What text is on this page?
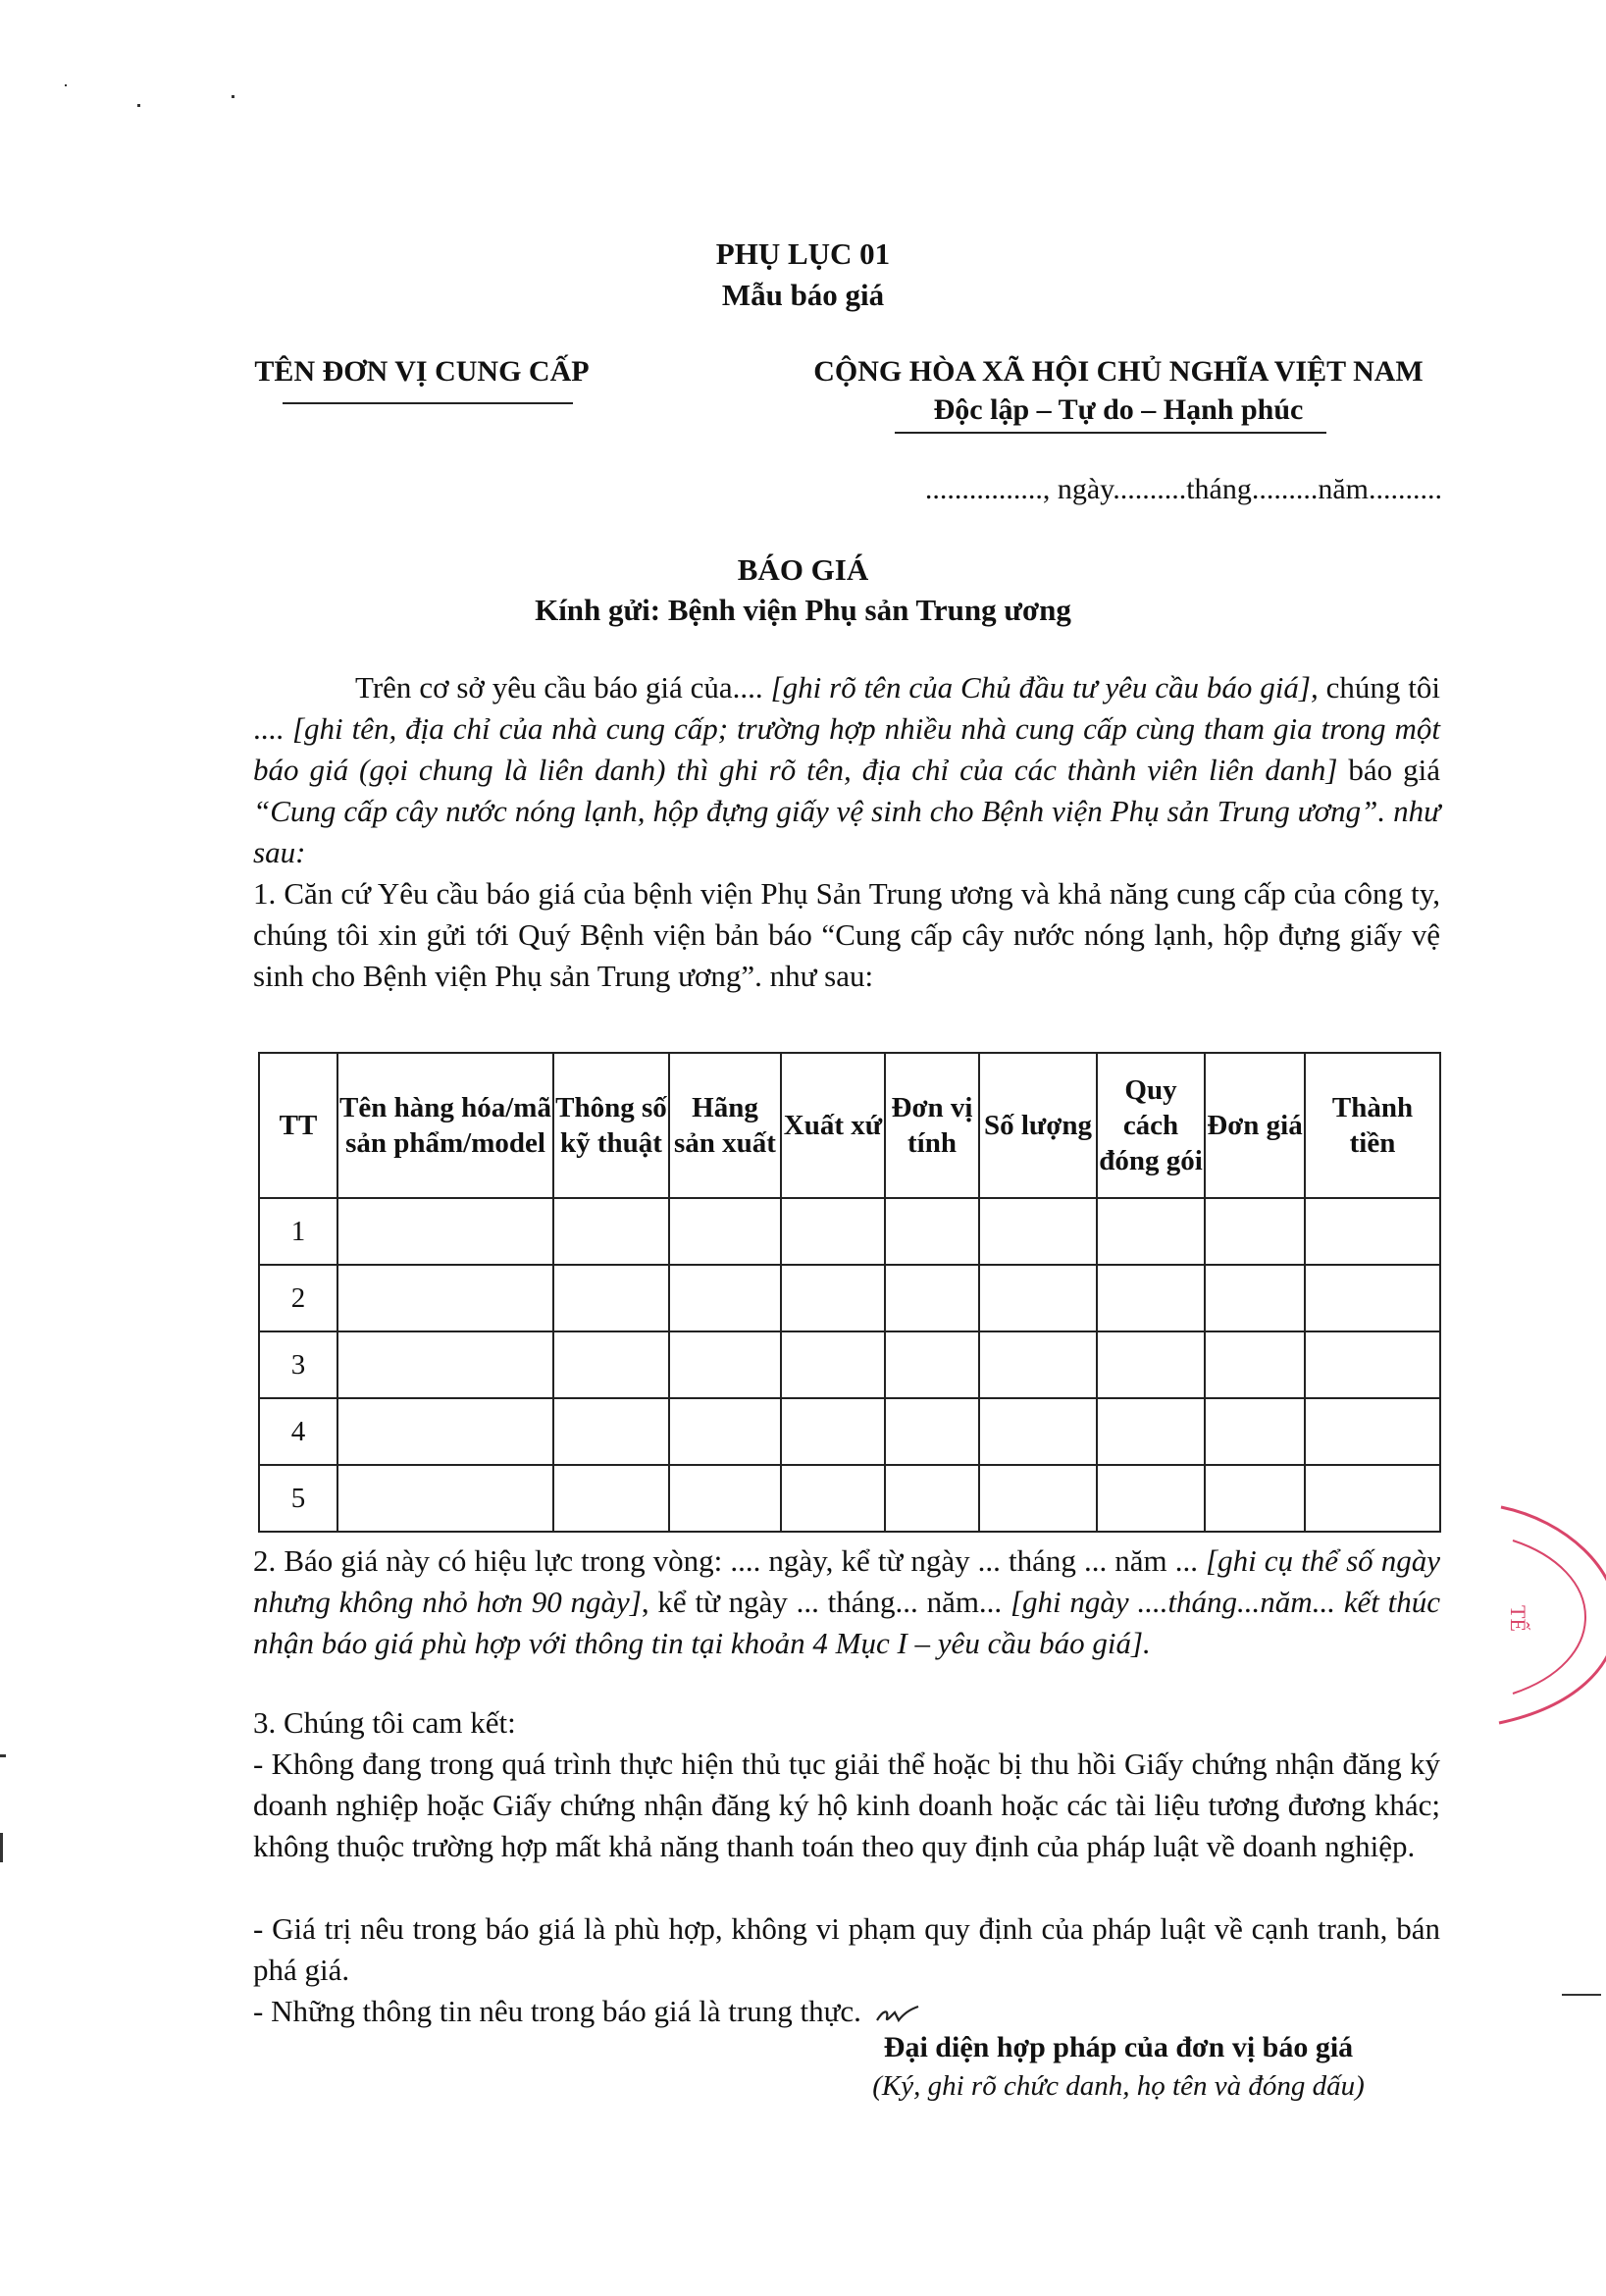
PHỤ LỤC 01
Mẫu báo giá
TÊN ĐƠN VỊ CUNG CẤP	CỘNG HÒA XÃ HỘI CHỦ NGHĨA VIỆT NAM
Độc lập – Tự do – Hạnh phúc
................, ngày..........tháng.........năm..........
BÁO GIÁ
Kính gửi: Bệnh viện Phụ sản Trung ương
Trên cơ sở yêu cầu báo giá của.... [ghi rõ tên của Chủ đầu tư yêu cầu báo giá], chúng tôi .... [ghi tên, địa chỉ của nhà cung cấp; trường hợp nhiều nhà cung cấp cùng tham gia trong một báo giá (gọi chung là liên danh) thì ghi rõ tên, địa chỉ của các thành viên liên danh] báo giá “Cung cấp cây nước nóng lạnh, hộp đựng giấy vệ sinh cho Bệnh viện Phụ sản Trung ương”. như sau:
1. Căn cứ Yêu cầu báo giá của bệnh viện Phụ Sản Trung ương và khả năng cung cấp của công ty, chúng tôi xin gửi tới Quý Bệnh viện bản báo “Cung cấp cây nước nóng lạnh, hộp đựng giấy vệ sinh cho Bệnh viện Phụ sản Trung ương”. như sau:
TT	Tên hàng hóa/mã sản phẩm/model	Thông số kỹ thuật	Hãng sản xuất	Xuất xứ	Đơn vị tính	Số lượng	Quy cách đóng gói	Đơn giá	Thành tiền
1									
2									
3									
4									
5									
2. Báo giá này có hiệu lực trong vòng: .... ngày, kể từ ngày ... tháng ... năm ... [ghi cụ thể số ngày nhưng không nhỏ hơn 90 ngày], kể từ ngày ... tháng... năm... [ghi ngày ....tháng...năm... kết thúc nhận báo giá phù hợp với thông tin tại khoản 4 Mục I – yêu cầu báo giá].
3. Chúng tôi cam kết:
- Không đang trong quá trình thực hiện thủ tục giải thể hoặc bị thu hồi Giấy chứng nhận đăng ký doanh nghiệp hoặc Giấy chứng nhận đăng ký hộ kinh doanh hoặc các tài liệu tương đương khác; không thuộc trường hợp mất khả năng thanh toán theo quy định của pháp luật về doanh nghiệp.
- Giá trị nêu trong báo giá là phù hợp, không vi phạm quy định của pháp luật về cạnh tranh, bán phá giá.
- Những thông tin nêu trong báo giá là trung thực.
Đại diện hợp pháp của đơn vị báo giá
(Ký, ghi rõ chức danh, họ tên và đóng dấu)
TẾ
